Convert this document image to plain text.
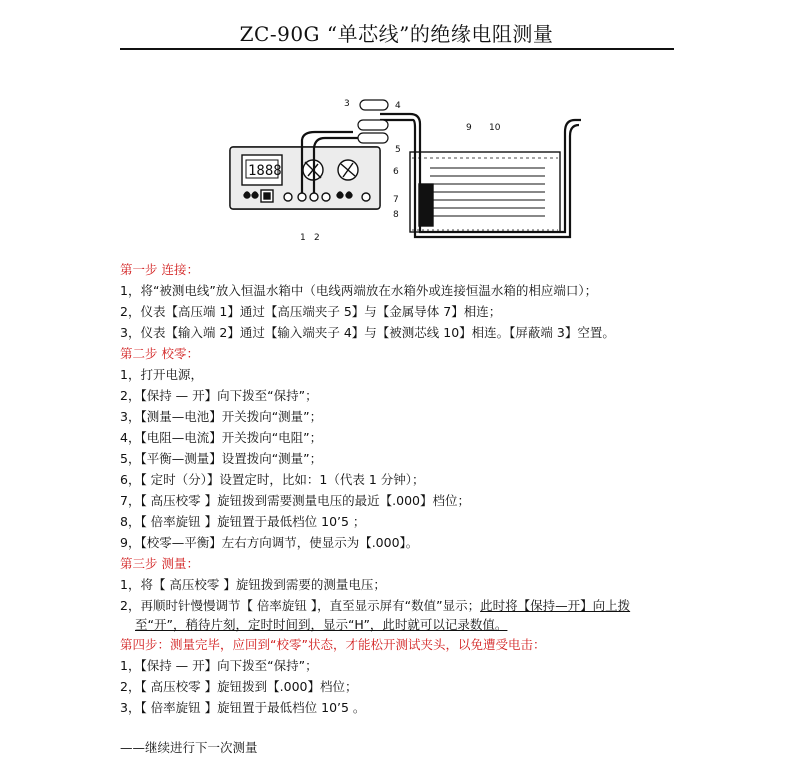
ZC-90G “单芯线”的绝缘电阻测量
1888
3	4
5
6
7
8
9 10
1 2
第一步 连接：
1，将“被测电线”放入恒温水箱中（电线两端放在水箱外或连接恒温水箱的相应端口）；
2，仪表【高压端 1】通过【高压端夹子 5】与【金属导体 7】相连；
3，仪表【输入端 2】通过【输入端夹子 4】与【被测芯线 10】相连。【屏蔽端 3】空置。
第二步 校零：
1，打开电源，
2，【保持 — 开】向下拨至“保持”；
3，【测量—电池】开关拨向“测量”；
4，【电阻—电流】开关拨向“电阻”；
5，【平衡—测量】设置拨向“测量”；
6，【 定时（分）】设置定时，比如：1（代表 1 分钟）；
7，【 高压校零 】旋钮拨到需要测量电压的最近【.000】档位；
8，【 倍率旋钮 】旋钮置于最低档位 10’5 ；
9，【校零—平衡】左右方向调节，使显示为【.000】。
第三步 测量：
1，将【 高压校零 】旋钮拨到需要的测量电压；
2，再顺时针慢慢调节【 倍率旋钮 】，直至显示屏有“数值”显示；此时将【保持—开】向上拨
至“开”，稍待片刻，定时时间到，显示“H”，此时就可以记录数值。
第四步：测量完毕，应回到“校零”状态，才能松开测试夹头，以免遭受电击：
1，【保持 — 开】向下拨至“保持”；
2，【 高压校零 】旋钮拨到【.000】档位；
3，【 倍率旋钮 】旋钮置于最低档位 10’5 。
——继续进行下一次测量
